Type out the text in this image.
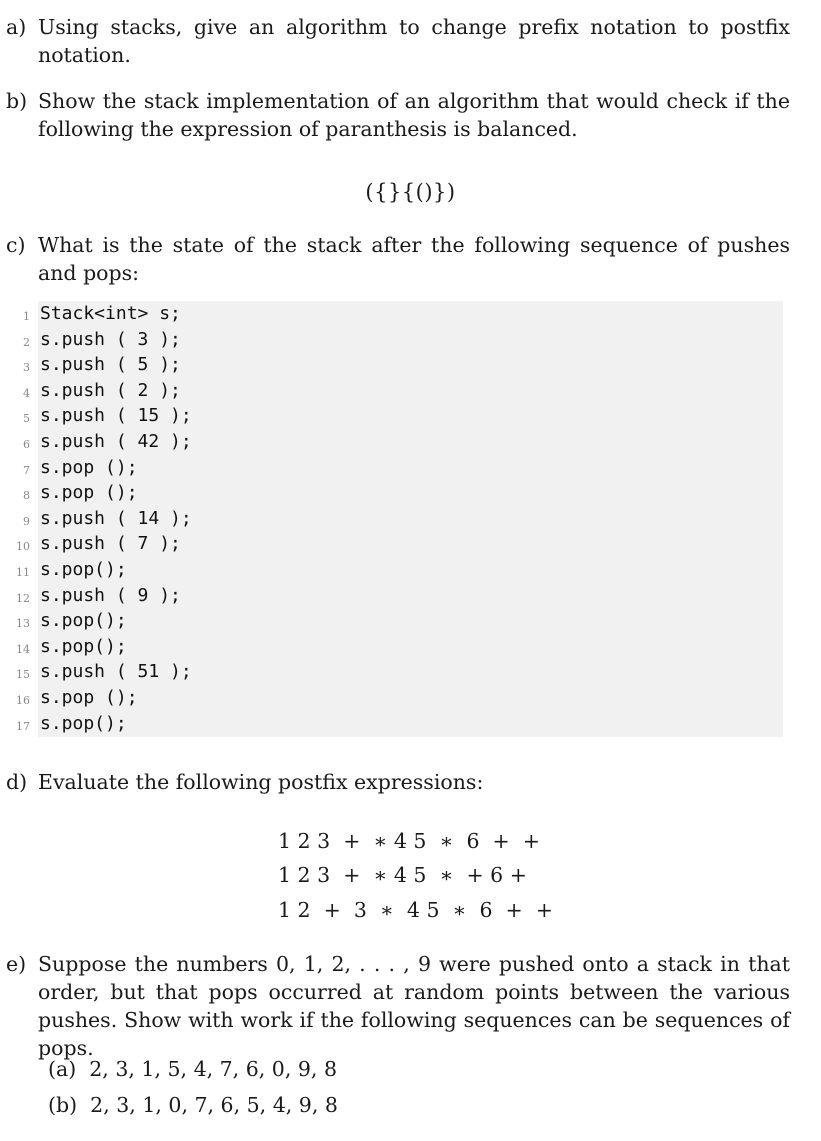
a) Using stacks, give an algorithm to change prefix notation to postfix notation.
b) Show the stack implementation of an algorithm that would check if the following the expression of paranthesis is balanced.
({}{()})
c) What is the state of the stack after the following sequence of pushes and pops:
1 Stack<int> s;
2 s.push ( 3 );
3 s.push ( 5 );
4 s.push ( 2 );
5 s.push ( 15 );
6 s.push ( 42 );
7 s.pop ();
8 s.pop ();
9 s.push ( 14 );
10 s.push ( 7 );
11 s.pop();
12 s.push ( 9 );
13 s.pop();
14 s.pop();
15 s.push ( 51 );
16 s.pop ();
17 s.pop();
d) Evaluate the following postfix expressions:
1 2 3  +  ∗ 4 5  ∗  6  +  +
1 2 3  +  ∗ 4 5  ∗  + 6 +
1 2  +  3  ∗  4 5  ∗  6  +  +
e) Suppose the numbers 0, 1, 2, . . . , 9 were pushed onto a stack in that order, but that pops occurred at random points between the various pushes. Show with work if the following sequences can be sequences of pops.
(a) 2, 3, 1, 5, 4, 7, 6, 0, 9, 8
(b) 2, 3, 1, 0, 7, 6, 5, 4, 9, 8
